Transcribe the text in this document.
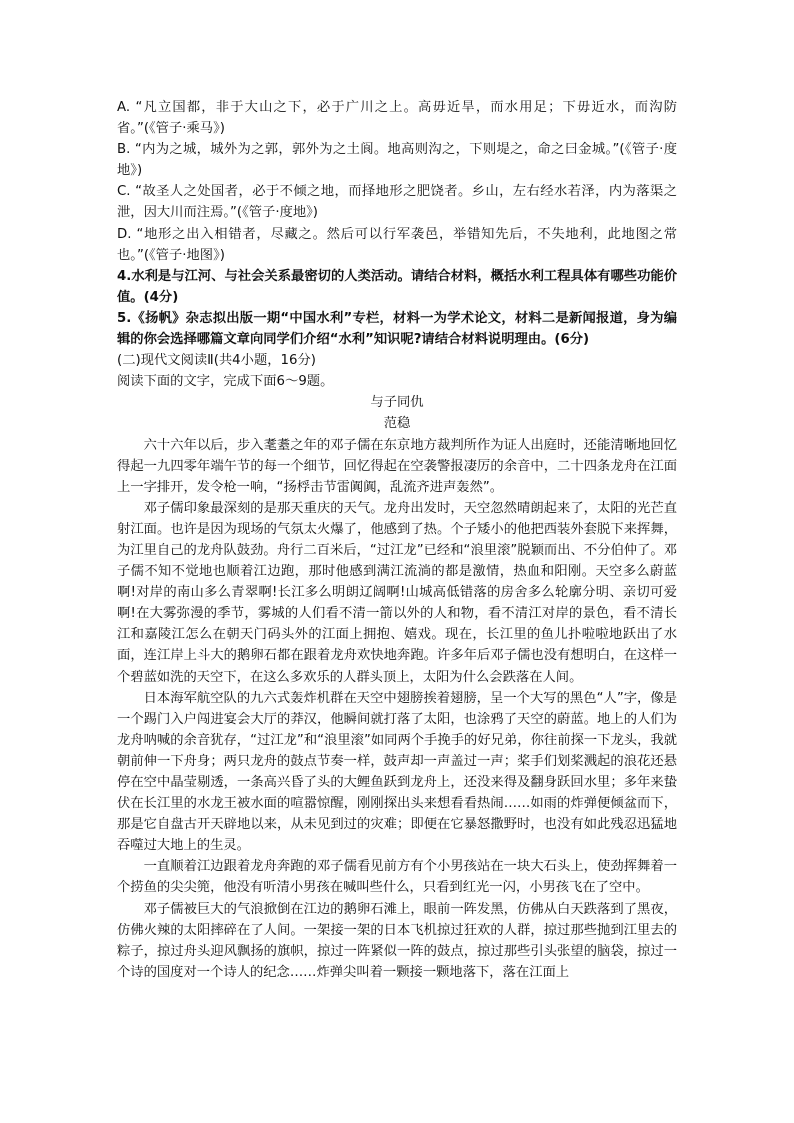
A. “凡立国都，非于大山之下，必于广川之上。高毋近旱，而水用足；下毋近水，而沟防省。”(《管子·乘马》)

B. “内为之城，城外为之郭，郭外为之土阆。地高则沟之，下则堤之，命之曰金城。”(《管子·度地》)

C. “故圣人之处国者，必于不倾之地，而择地形之肥饶者。乡山，左右经水若泽，内为落渠之泄，因大川而注焉。”(《管子·度地》)

D. “地形之出入相错者，尽藏之。然后可以行军袭邑，举错知先后，不失地利，此地图之常也。”(《管子·地图》)

4.水利是与江河、与社会关系最密切的人类活动。请结合材料，概括水利工程具体有哪些功能价值。(4分)

5.《扬帆》杂志拟出版一期“中国水利”专栏，材料一为学术论文，材料二是新闻报道，身为编辑的你会选择哪篇文章向同学们介绍“水利”知识呢?请结合材料说明理由。(6分)

(二)现代文阅读Ⅱ(共4小题，16分)

阅读下面的文字，完成下面6～9题。

与子同仇

范稳

六十六年以后，步入耄耋之年的邓子儒在东京地方裁判所作为证人出庭时，还能清晰地回忆得起一九四零年端午节的每一个细节，回忆得起在空袭警报凄厉的余音中，二十四条龙舟在江面上一字排开，发令枪一响，“扬桴击节雷阗阗，乱流齐进声轰然”。

邓子儒印象最深刻的是那天重庆的天气。龙舟出发时，天空忽然晴朗起来了，太阳的光芒直射江面。也许是因为现场的气氛太火爆了，他感到了热。个子矮小的他把西装外套脱下来挥舞，为江里自己的龙舟队鼓劲。舟行二百米后，“过江龙”已经和“浪里滚”脱颖而出、不分伯仲了。邓子儒不知不觉地也顺着江边跑，那时他感到满江流淌的都是激情，热血和阳刚。天空多么蔚蓝啊!对岸的南山多么青翠啊!长江多么明朗辽阔啊!山城高低错落的房舍多么轮廓分明、亲切可爱啊!在大雾弥漫的季节，雾城的人们看不清一箭以外的人和物，看不清江对岸的景色，看不清长江和嘉陵江怎么在朝天门码头外的江面上拥抱、嬉戏。现在，长江里的鱼儿扑啦啦地跃出了水面，连江岸上斗大的鹅卵石都在跟着龙舟欢快地奔跑。许多年后邓子儒也没有想明白，在这样一个碧蓝如洗的天空下，在这么多欢乐的人群头顶上，太阳为什么会跌落在人间。

日本海军航空队的九六式轰炸机群在天空中翅膀挨着翅膀，呈一个大写的黑色“人”字，像是一个踢门入户闯进宴会大厅的莽汉，他瞬间就打落了太阳，也涂鸦了天空的蔚蓝。地上的人们为龙舟呐喊的余音犹存，“过江龙”和“浪里滚”如同两个手挽手的好兄弟，你往前探一下龙头，我就朝前伸一下舟身；两只龙舟的鼓点节奏一样，鼓声却一声盖过一声；桨手们划桨溅起的浪花还悬停在空中晶莹剔透，一条高兴昏了头的大鲤鱼跃到龙舟上，还没来得及翻身跃回水里；多年来蛰伏在长江里的水龙王被水面的喧嚣惊醒，刚刚探出头来想看看热闹……如雨的炸弹便倾盆而下，那是它自盘古开天辟地以来，从未见到过的灾难；即便在它暴怒撒野时，也没有如此残忍迅猛地吞噬过大地上的生灵。

一直顺着江边跟着龙舟奔跑的邓子儒看见前方有个小男孩站在一块大石头上，使劲挥舞着一个捞鱼的尖尖篼，他没有听清小男孩在喊叫些什么，只看到红光一闪，小男孩飞在了空中。

邓子儒被巨大的气浪掀倒在江边的鹅卵石滩上，眼前一阵发黑，仿佛从白天跌落到了黑夜，仿佛火辣的太阳摔碎在了人间。一架接一架的日本飞机掠过狂欢的人群，掠过那些抛到江里去的粽子，掠过舟头迎风飘扬的旗帜，掠过一阵紧似一阵的鼓点，掠过那些引头张望的脑袋，掠过一个诗的国度对一个诗人的纪念……炸弹尖叫着一颗接一颗地落下，落在江面上
